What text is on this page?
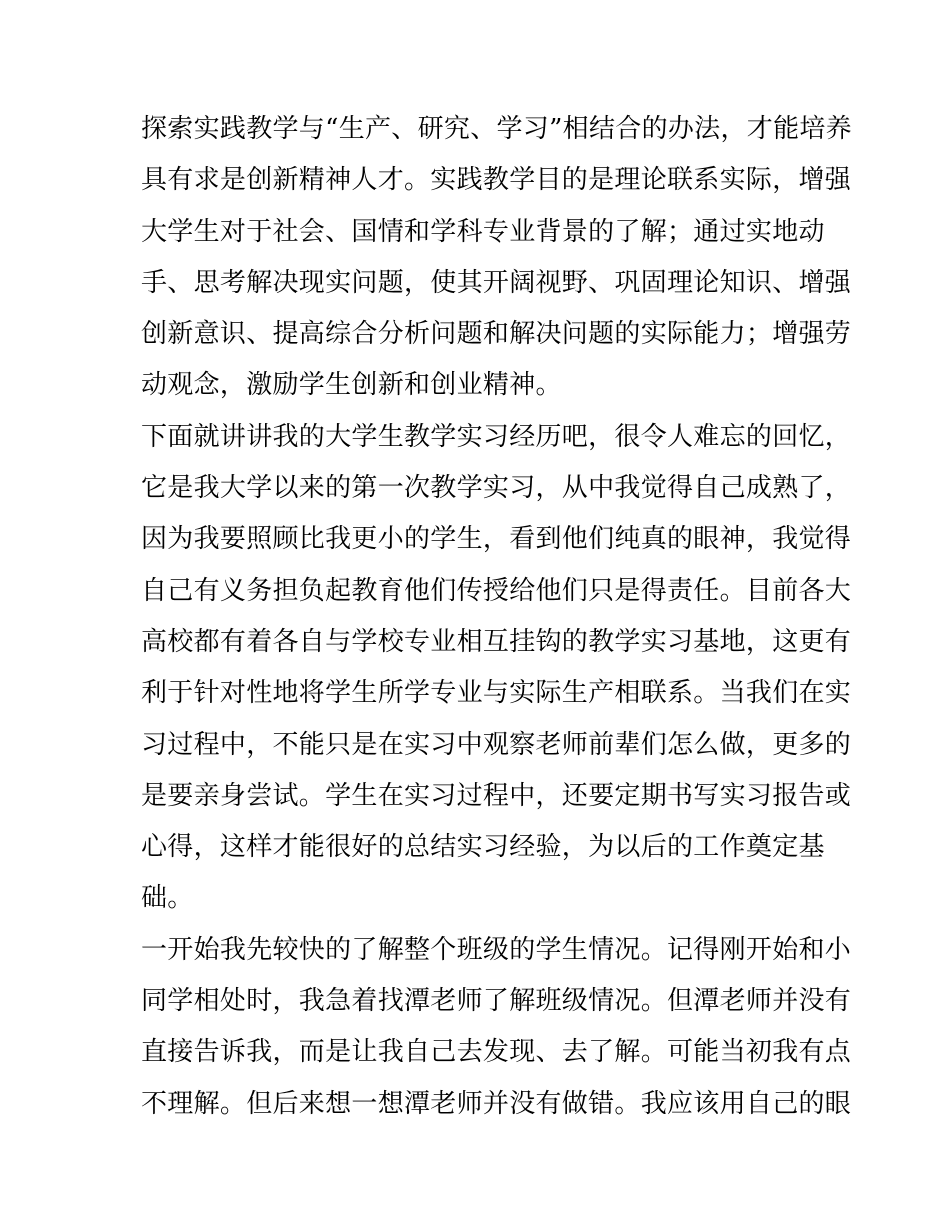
探索实践教学与“生产、研究、学习”相结合的办法，才能培养
具有求是创新精神人才。实践教学目的是理论联系实际，增强
大学生对于社会、国情和学科专业背景的了解；通过实地动
手、思考解决现实问题，使其开阔视野、巩固理论知识、增强
创新意识、提高综合分析问题和解决问题的实际能力；增强劳
动观念，激励学生创新和创业精神。
下面就讲讲我的大学生教学实习经历吧，很令人难忘的回忆，
它是我大学以来的第一次教学实习，从中我觉得自己成熟了，
因为我要照顾比我更小的学生，看到他们纯真的眼神，我觉得
自己有义务担负起教育他们传授给他们只是得责任。目前各大
高校都有着各自与学校专业相互挂钩的教学实习基地，这更有
利于针对性地将学生所学专业与实际生产相联系。当我们在实
习过程中，不能只是在实习中观察老师前辈们怎么做，更多的
是要亲身尝试。学生在实习过程中，还要定期书写实习报告或
心得，这样才能很好的总结实习经验，为以后的工作奠定基
础。
一开始我先较快的了解整个班级的学生情况。记得刚开始和小
同学相处时，我急着找潭老师了解班级情况。但潭老师并没有
直接告诉我，而是让我自己去发现、去了解。可能当初我有点
不理解。但后来想一想潭老师并没有做错。我应该用自己的眼
